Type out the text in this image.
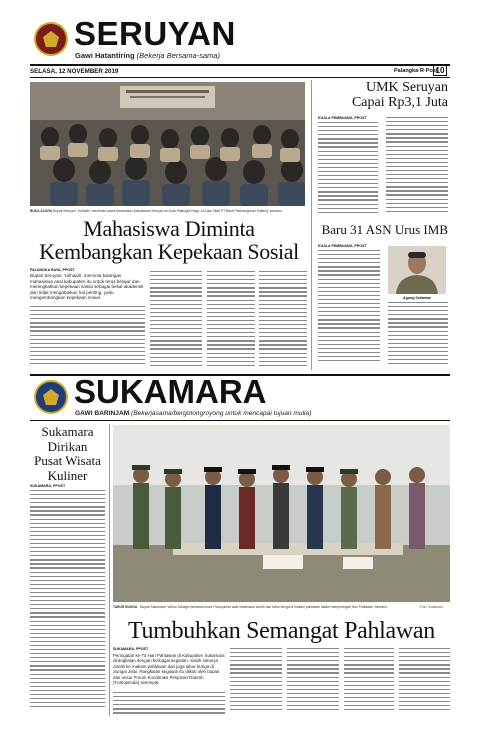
SERUYAN
Gawi Hatantiring (Bekerja Bersama-sama)
SELASA, 12 NOVEMBER 2019	Palangka·R·Post
10
BUKA ACARA Bupati Seruyan, Yulhaidir, membuka acara Kedamaian Mahasiswa Seruyan se-Kota Palangka Raya. Al Kota Gitat/ PT Bank Pembangunan Kalteng, kemarin.
UMK Seruyan
Capai Rp3,1 Juta
KUALA PEMBUANG, PPOST
Mahasiswa Diminta
Kembangkan Kepekaan Sosial
PALANGKA RAYA, PPOST
Bupati Seruyan, Yulhaidir, meminta kalangan mahasiswa asal kabupaten itu untuk terus belajar dan meningkatkan kepekaan sosial sebagai bekal akademik dan tidak mengabaikan hal penting, yaitu mengembangkan kepekaan sosial.
Baru 31 ASN Urus IMB
KUALA PEMBUANG, PPOST
Agung Setiawan
SUKAMARA
GAWI BARINJAM (Bekerjasama/bergotongroyong untuk mencapai tujuan mulia)
Sukamara
Dirikan
Pusat Wisata
Kuliner
SUKAMARA, PPOST
TABUR BUNGA - Bupati Sukamara, Windu Subagio bersama unsur Forkopimda saat melakukan ziarah dan tabur bunga di makam pahlawan dalam memperingati Hari Pahlawan, kemarin.	Foto: Sukamara
Tumbuhkan Semangat Pahlawan
SUKAMARA, PPOST
Peringatan ke-74 Hari Pahlawan di Kabupaten Sukamara dirangkaian dengan berbagai kegiatan. Salah satunya ziarah ke makam pahlawan dan juga tabur bunga di Sungai Jelai. Rangkaian kegiatan itu diikuti oleh bupati dan unsur Forum Koordinasi Pimpinan Daerah (Forkopimda) setempat.
